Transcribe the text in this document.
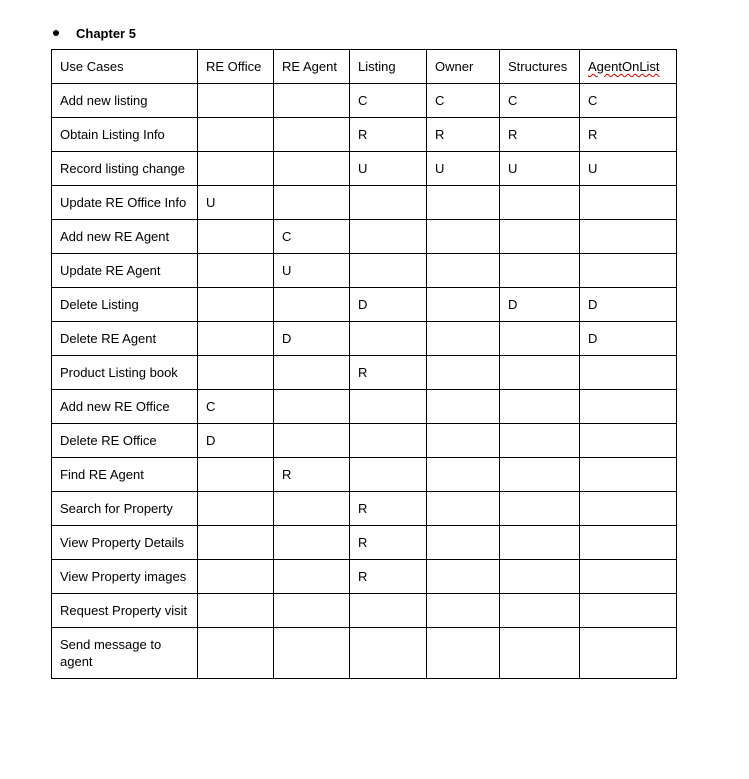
Chapter 5
Use Cases	RE Office	RE Agent	Listing	Owner	Structures	AgentOnList
Add new listing			C	C	C	C
Obtain Listing Info			R	R	R	R
Record listing change			U	U	U	U
Update RE Office Info	U					
Add new RE Agent		C				
Update RE Agent		U				
Delete Listing			D		D	D
Delete RE Agent		D				D
Product Listing book			R			
Add new RE Office	C					
Delete RE Office	D					
Find RE Agent		R				
Search for Property			R			
View Property Details			R			
View Property images			R			
Request Property visit						
Send message to agent						
